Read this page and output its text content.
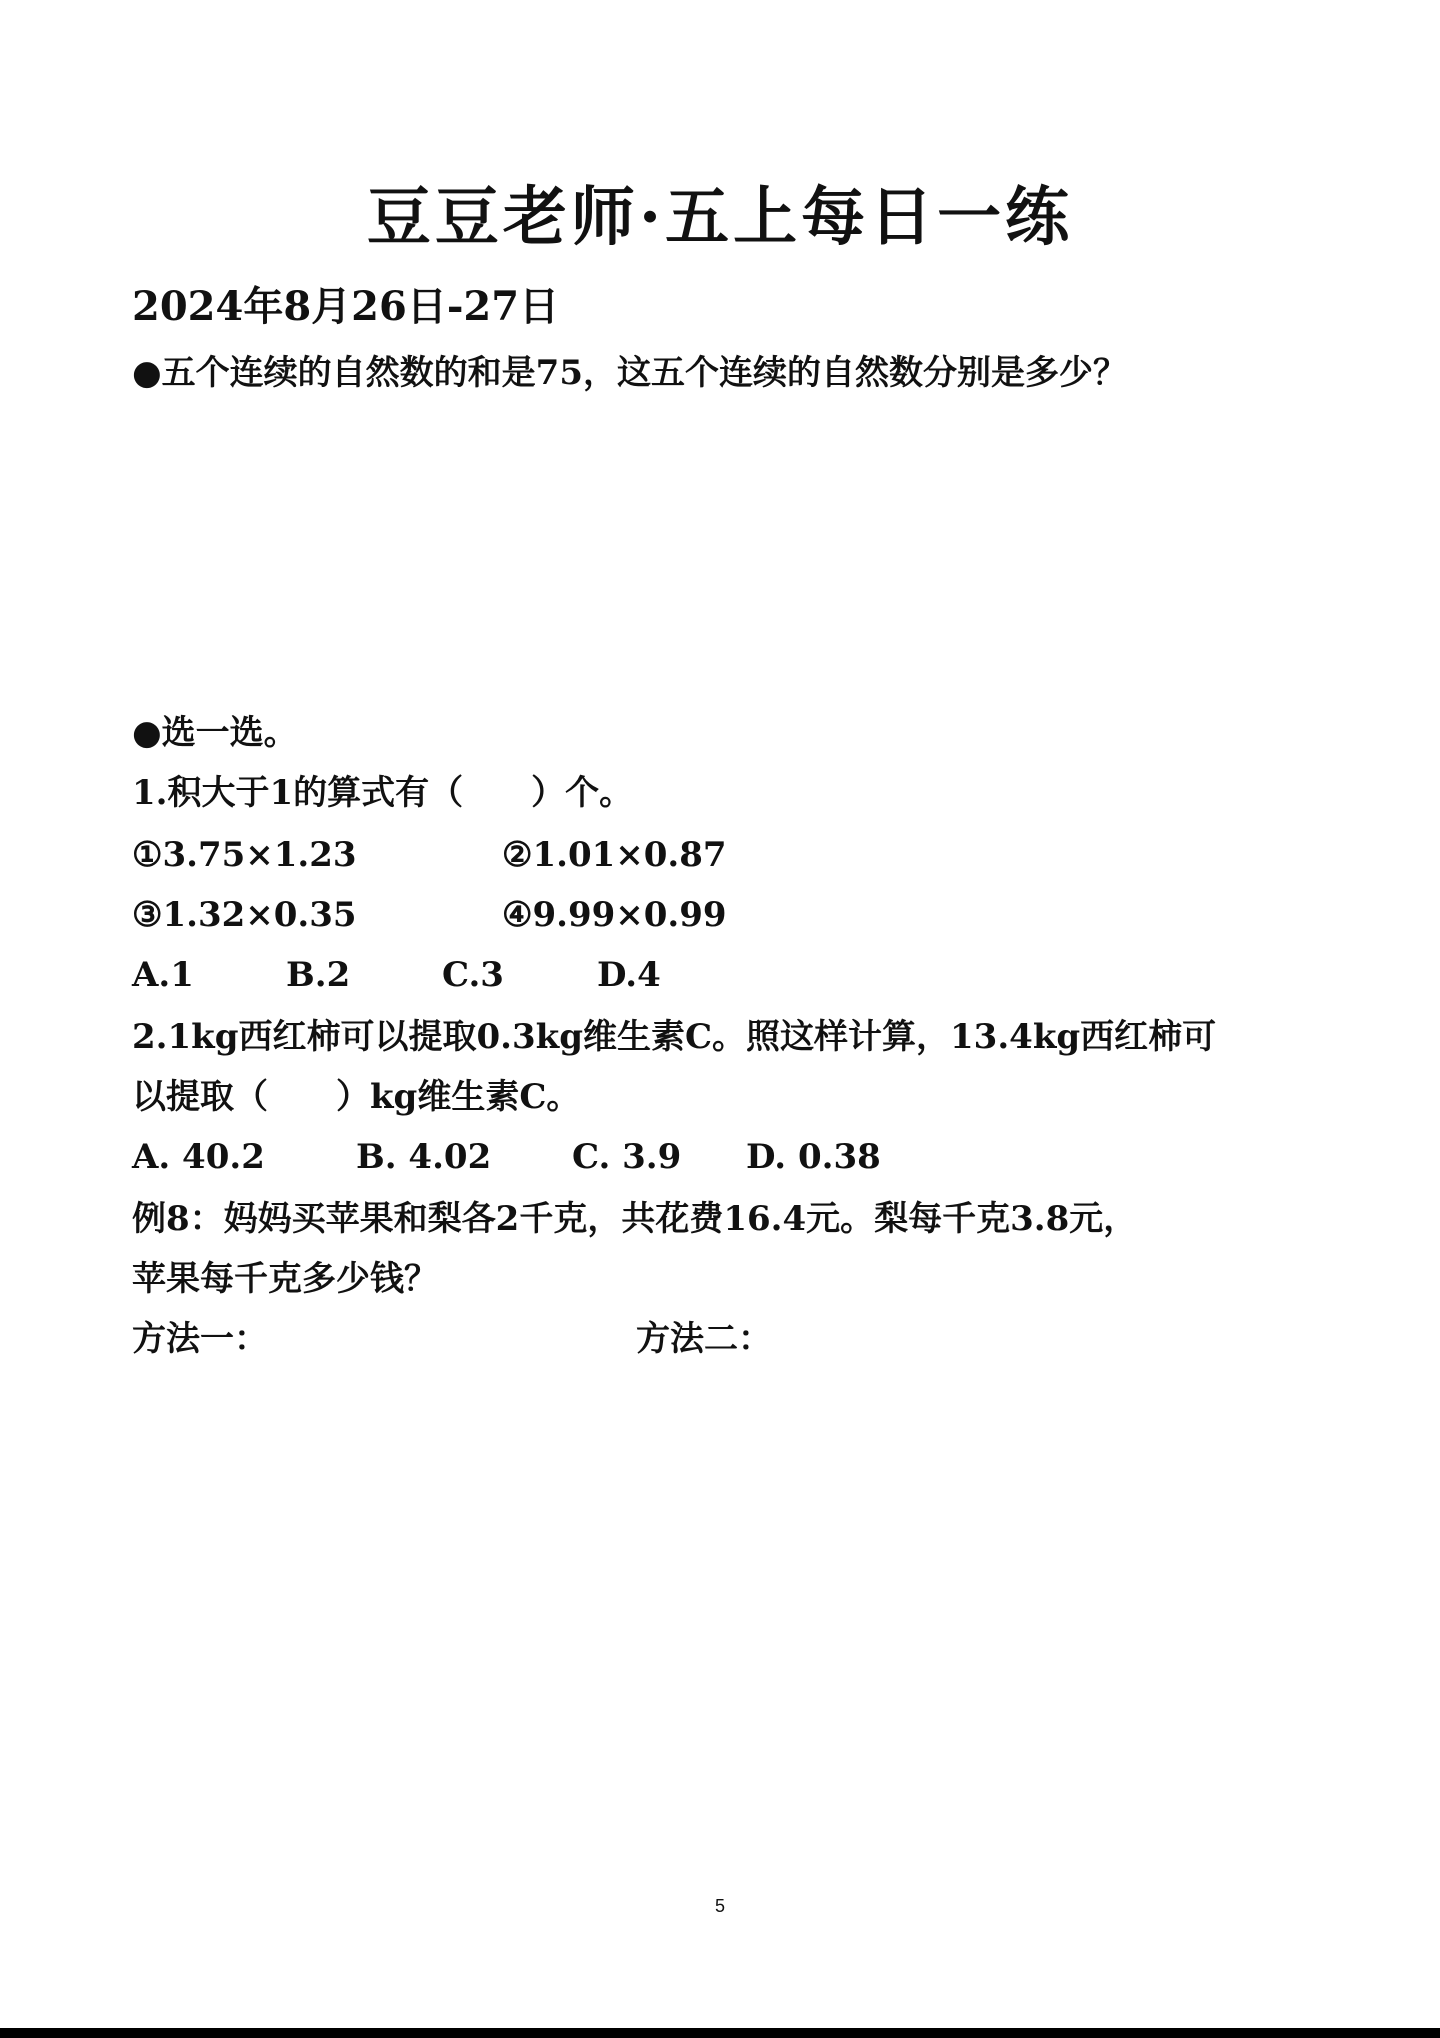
豆豆老师·五上每日一练
2024年8月26日-27日
●五个连续的自然数的和是75，这五个连续的自然数分别是多少？
●选一选。
1.积大于1的算式有（　　）个。
①3.75×1.23	②1.01×0.87
③1.32×0.35	④9.99×0.99
A.1	B.2	C.3	D.4
2.1kg西红柿可以提取0.3kg维生素C。照这样计算，13.4kg西红柿可
以提取（　　）kg维生素C。
A. 40.2	B. 4.02 C. 3.9 D. 0.38
例8：妈妈买苹果和梨各2千克，共花费16.4元。梨每千克3.8元，
苹果每千克多少钱？
方法一：	方法二：
5
